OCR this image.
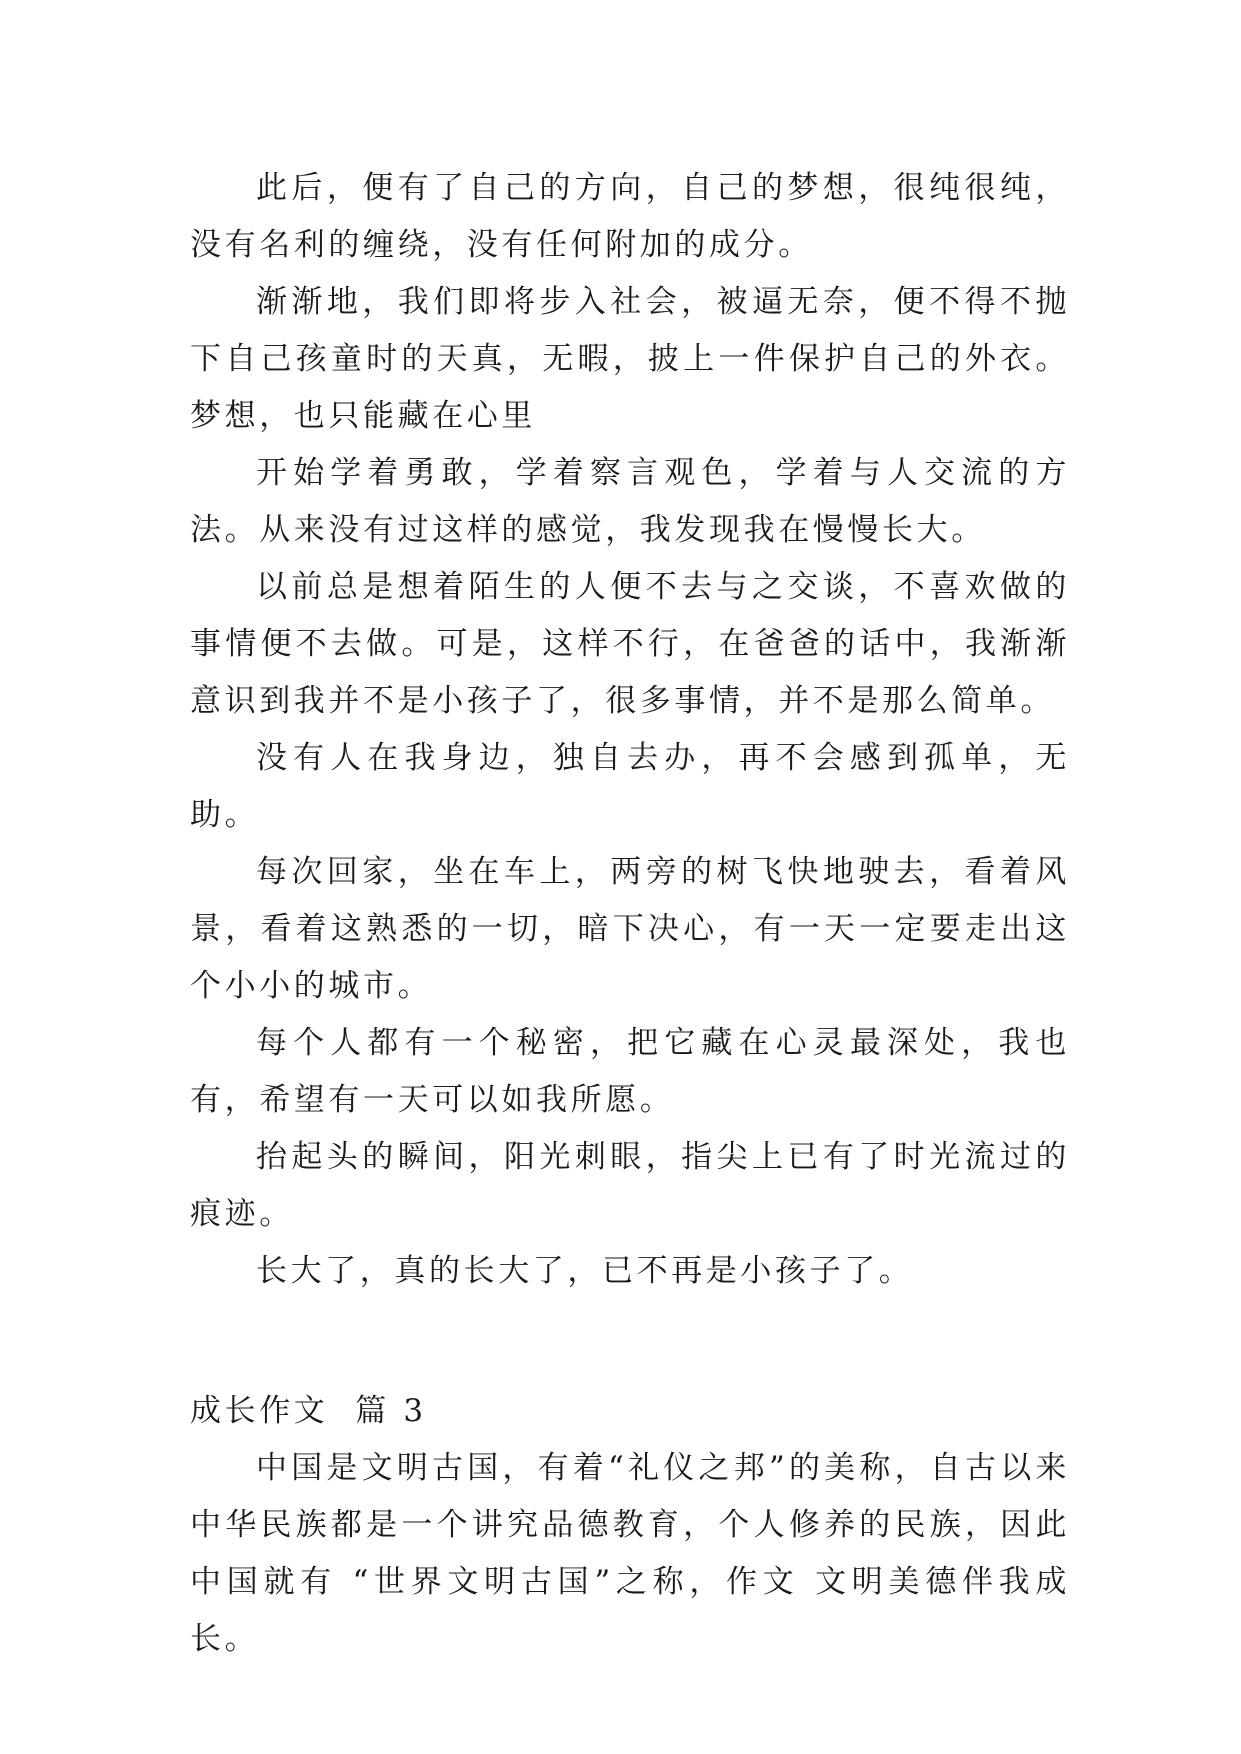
此后，便有了自己的方向，自己的梦想，很纯很纯，没有名利的缠绕，没有任何附加的成分。

渐渐地，我们即将步入社会，被逼无奈，便不得不抛下自己孩童时的天真，无暇，披上一件保护自己的外衣。梦想，也只能藏在心里

开始学着勇敢，学着察言观色，学着与人交流的方法。从来没有过这样的感觉，我发现我在慢慢长大。

以前总是想着陌生的人便不去与之交谈，不喜欢做的事情便不去做。可是，这样不行，在爸爸的话中，我渐渐意识到我并不是小孩子了，很多事情，并不是那么简单。

没有人在我身边，独自去办，再不会感到孤单，无助。

每次回家，坐在车上，两旁的树飞快地驶去，看着风景，看着这熟悉的一切，暗下决心，有一天一定要走出这个小小的城市。

每个人都有一个秘密，把它藏在心灵最深处，我也有，希望有一天可以如我所愿。

抬起头的瞬间，阳光刺眼，指尖上已有了时光流过的痕迹。

长大了，真的长大了，已不再是小孩子了。

成长作文  篇 3

中国是文明古国，有着“礼仪之邦”的美称，自古以来中华民族都是一个讲究品德教育，个人修养的民族，因此中国就有 “世界文明古国”之称，作文 文明美德伴我成长。
